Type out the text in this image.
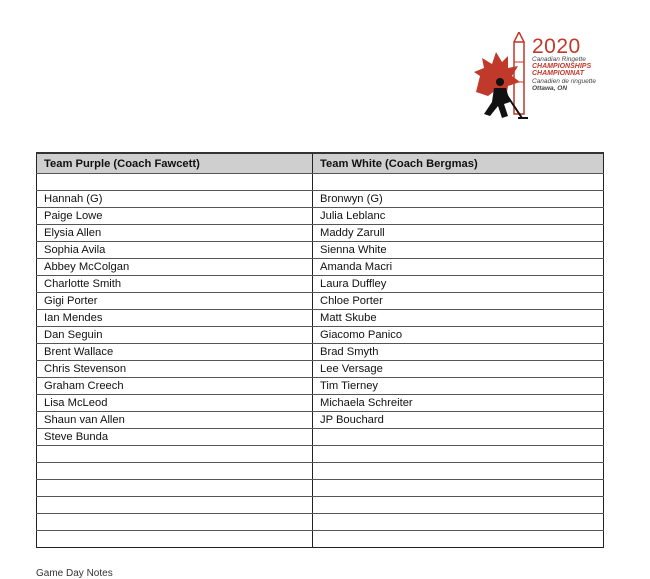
2020
Canadian Ringette
CHAMPIONSHIPS
CHAMPIONNAT
Canadien de ringuette
Ottawa, ON
Team Purple (Coach Fawcett)	Team White (Coach Bergmas)

Hannah (G)	Bronwyn (G)
Paige Lowe	Julia Leblanc
Elysia Allen	Maddy Zarull
Sophia Avila	Sienna White
Abbey McColgan	Amanda Macri
Charlotte Smith	Laura Duffley
Gigi Porter	Chloe Porter
Ian Mendes	Matt Skube
Dan Seguin	Giacomo Panico
Brent Wallace	Brad Smyth
Chris Stevenson	Lee Versage
Graham Creech	Tim Tierney
Lisa McLeod	Michaela Schreiter
Shaun van Allen	JP Bouchard
Steve Bunda	

Game Day Notes
